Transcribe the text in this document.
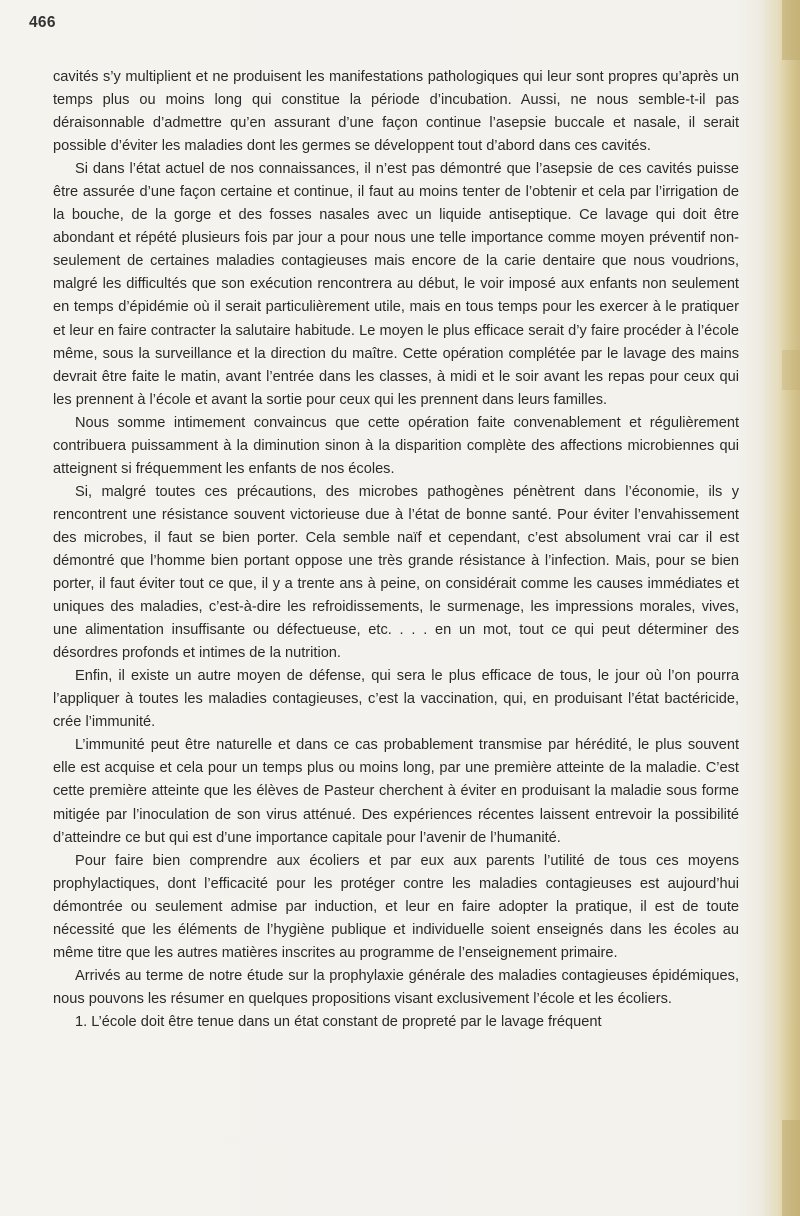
466

cavités s’y multiplient et ne produisent les manifestations pathologiques qui leur sont propres qu’après un temps plus ou moins long qui constitue la période d’incubation. Aussi, ne nous semble-t-il pas déraisonnable d’admettre qu’en assurant d’une façon continue l’asepsie buccale et nasale, il serait possible d’éviter les maladies dont les germes se développent tout d’abord dans ces cavités.

Si dans l’état actuel de nos connaissances, il n’est pas démontré que l’asepsie de ces cavités puisse être assurée d’une façon certaine et continue, il faut au moins tenter de l’obtenir et cela par l’irrigation de la bouche, de la gorge et des fosses nasales avec un liquide antiseptique. Ce lavage qui doit être abondant et répété plusieurs fois par jour a pour nous une telle importance comme moyen préventif non-seulement de certaines maladies contagieuses mais encore de la carie dentaire que nous voudrions, malgré les difficultés que son exécution rencontrera au début, le voir imposé aux enfants non seulement en temps d’épidémie où il serait particulièrement utile, mais en tous temps pour les exercer à le pratiquer et leur en faire contracter la salutaire habitude. Le moyen le plus efficace serait d’y faire procéder à l’école même, sous la surveillance et la direction du maître. Cette opération complétée par le lavage des mains devrait être faite le matin, avant l’entrée dans les classes, à midi et le soir avant les repas pour ceux qui les prennent à l’école et avant la sortie pour ceux qui les prennent dans leurs familles.

Nous somme intimement convaincus que cette opération faite convenablement et régulièrement contribuera puissamment à la diminution sinon à la disparition complète des affections microbiennes qui atteignent si fréquemment les enfants de nos écoles.

Si, malgré toutes ces précautions, des microbes pathogènes pénètrent dans l’économie, ils y rencontrent une résistance souvent victorieuse due à l’état de bonne santé. Pour éviter l’envahissement des microbes, il faut se bien porter. Cela semble naïf et cependant, c’est absolument vrai car il est démontré que l’homme bien portant oppose une très grande résistance à l’infection. Mais, pour se bien porter, il faut éviter tout ce que, il y a trente ans à peine, on considérait comme les causes immédiates et uniques des maladies, c’est-à-dire les refroidissements, le surmenage, les impressions morales, vives, une alimentation insuffisante ou défectueuse, etc. . . . en un mot, tout ce qui peut déterminer des désordres profonds et intimes de la nutrition.

Enfin, il existe un autre moyen de défense, qui sera le plus efficace de tous, le jour où l’on pourra l’appliquer à toutes les maladies contagieuses, c’est la vaccination, qui, en produisant l’état bactéricide, crée l’immunité.

L’immunité peut être naturelle et dans ce cas probablement transmise par hérédité, le plus souvent elle est acquise et cela pour un temps plus ou moins long, par une première atteinte de la maladie. C’est cette première atteinte que les élèves de Pasteur cherchent à éviter en produisant la maladie sous forme mitigée par l’inoculation de son virus atténué. Des expériences récentes laissent entrevoir la possibilité d’atteindre ce but qui est d’une importance capitale pour l’avenir de l’humanité.

Pour faire bien comprendre aux écoliers et par eux aux parents l’utilité de tous ces moyens prophylactiques, dont l’efficacité pour les protéger contre les maladies contagieuses est aujourd’hui démontrée ou seulement admise par induction, et leur en faire adopter la pratique, il est de toute nécessité que les éléments de l’hygiène publique et individuelle soient enseignés dans les écoles au même titre que les autres matières inscrites au programme de l’enseignement primaire.

Arrivés au terme de notre étude sur la prophylaxie générale des maladies contagieuses épidémiques, nous pouvons les résumer en quelques propositions visant exclusivement l’école et les écoliers.

1. L’école doit être tenue dans un état constant de propreté par le lavage fréquent
